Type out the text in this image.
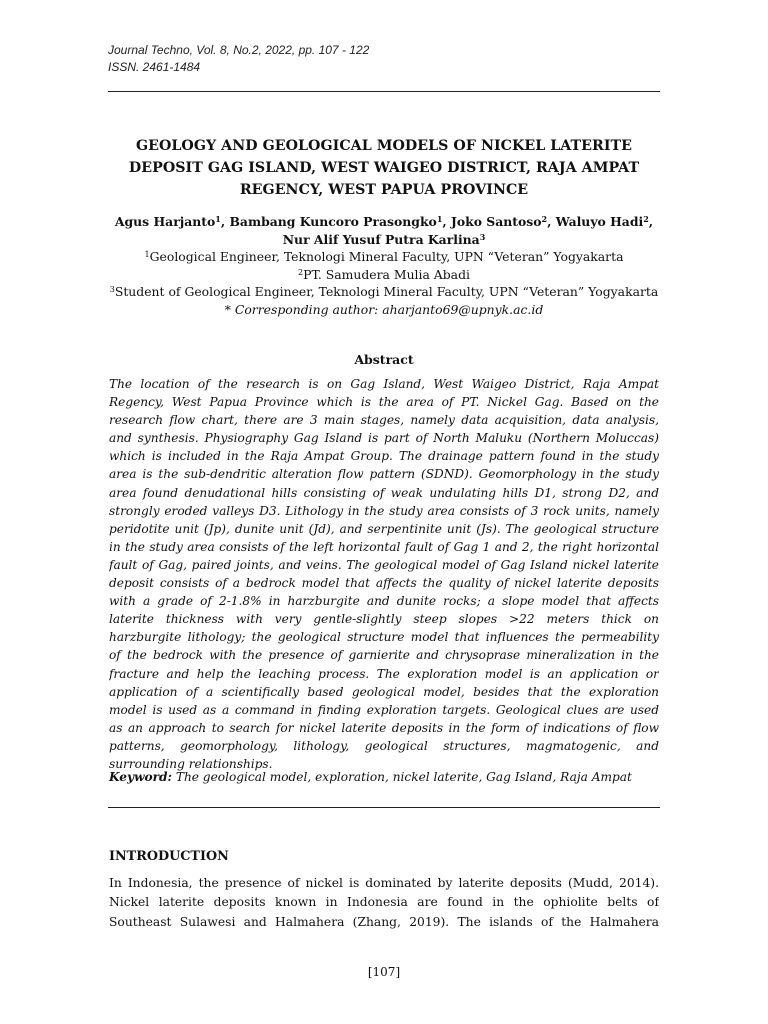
Journal Techno, Vol. 8, No.2, 2022, pp. 107 - 122
ISSN. 2461-1484
GEOLOGY AND GEOLOGICAL MODELS OF NICKEL LATERITE
DEPOSIT GAG ISLAND, WEST WAIGEO DISTRICT, RAJA AMPAT
REGENCY, WEST PAPUA PROVINCE
Agus Harjanto$^1$, Bambang Kuncoro Prasongko$^1$, Joko Santoso$^2$, Waluyo Hadi$^2$,
Nur Alif Yusuf Putra Karlina$^3$
$^1$Geological Engineer, Teknologi Mineral Faculty, UPN “Veteran” Yogyakarta
$^2$PT. Samudera Mulia Abadi
$^3$Student of Geological Engineer, Teknologi Mineral Faculty, UPN “Veteran” Yogyakarta
* Corresponding author: aharjanto69@upnyk.ac.id
Abstract
The location of the research is on Gag Island, West Waigeo District, Raja Ampat
Regency, West Papua Province which is the area of PT. Nickel Gag. Based on the
research flow chart, there are 3 main stages, namely data acquisition, data analysis,
and synthesis. Physiography Gag Island is part of North Maluku (Northern Moluccas)
which is included in the Raja Ampat Group. The drainage pattern found in the study
area is the sub-dendritic alteration flow pattern (SDND). Geomorphology in the study
area found denudational hills consisting of weak undulating hills D1, strong D2, and
strongly eroded valleys D3. Lithology in the study area consists of 3 rock units, namely
peridotite unit (Jp), dunite unit (Jd), and serpentinite unit (Js). The geological structure
in the study area consists of the left horizontal fault of Gag 1 and 2, the right horizontal
fault of Gag, paired joints, and veins. The geological model of Gag Island nickel laterite
deposit consists of a bedrock model that affects the quality of nickel laterite deposits
with a grade of 2-1.8% in harzburgite and dunite rocks; a slope model that affects
laterite thickness with very gentle-slightly steep slopes >22 meters thick on
harzburgite lithology; the geological structure model that influences the permeability
of the bedrock with the presence of garnierite and chrysoprase mineralization in the
fracture and help the leaching process. The exploration model is an application or
application of a scientifically based geological model, besides that the exploration
model is used as a command in finding exploration targets. Geological clues are used
as an approach to search for nickel laterite deposits in the form of indications of flow
patterns, geomorphology, lithology, geological structures, magmatogenic, and
surrounding relationships.
Keyword: The geological model, exploration, nickel laterite, Gag Island, Raja Ampat
INTRODUCTION
In Indonesia, the presence of nickel is dominated by laterite deposits (Mudd, 2014).
Nickel laterite deposits known in Indonesia are found in the ophiolite belts of
Southeast Sulawesi and Halmahera (Zhang, 2019). The islands of the Halmahera
[107]
